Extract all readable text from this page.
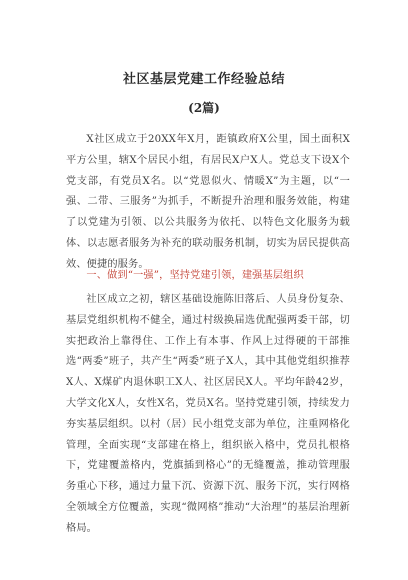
社区基层党建工作经验总结
(2篇)

X社区成立于20XX年X月，距镇政府X公里，国土面积X平方公里，辖X个居民小组，有居民X户X人。党总支下设X个党支部，有党员X名。以“党恩似火、情暖X”为主题，以“一强、二带、三服务”为抓手，不断提升治理和服务效能，构建了以党建为引领、以公共服务为依托、以特色文化服务为载体、以志愿者服务为补充的联动服务机制，切实为居民提供高效、便捷的服务。

一、做到“一强”，坚持党建引领，建强基层组织

社区成立之初，辖区基础设施陈旧落后、人员身份复杂、基层党组织机构不健全，通过村级换届选优配强两委干部，切实把政治上靠得住、工作上有本事、作风上过得硬的干部推选“两委”班子，共产生“两委”班子X人，其中其他党组织推荐X人、X煤矿内退休职工X人、社区居民X人。平均年龄42岁，大学文化X人，女性X名，党员X名。坚持党建引领，持续发力夯实基层组织。以村（居）民小组党支部为单位，注重网格化管理，全面实现“支部建在格上，组织嵌入格中，党员扎根格下，党建覆盖格内，党旗插到格心”的无缝覆盖，推动管理服务重心下移，通过力量下沉、资源下沉、服务下沉，实行网格全领域全方位覆盖，实现“微网格”推动“大治理”的基层治理新格局。
